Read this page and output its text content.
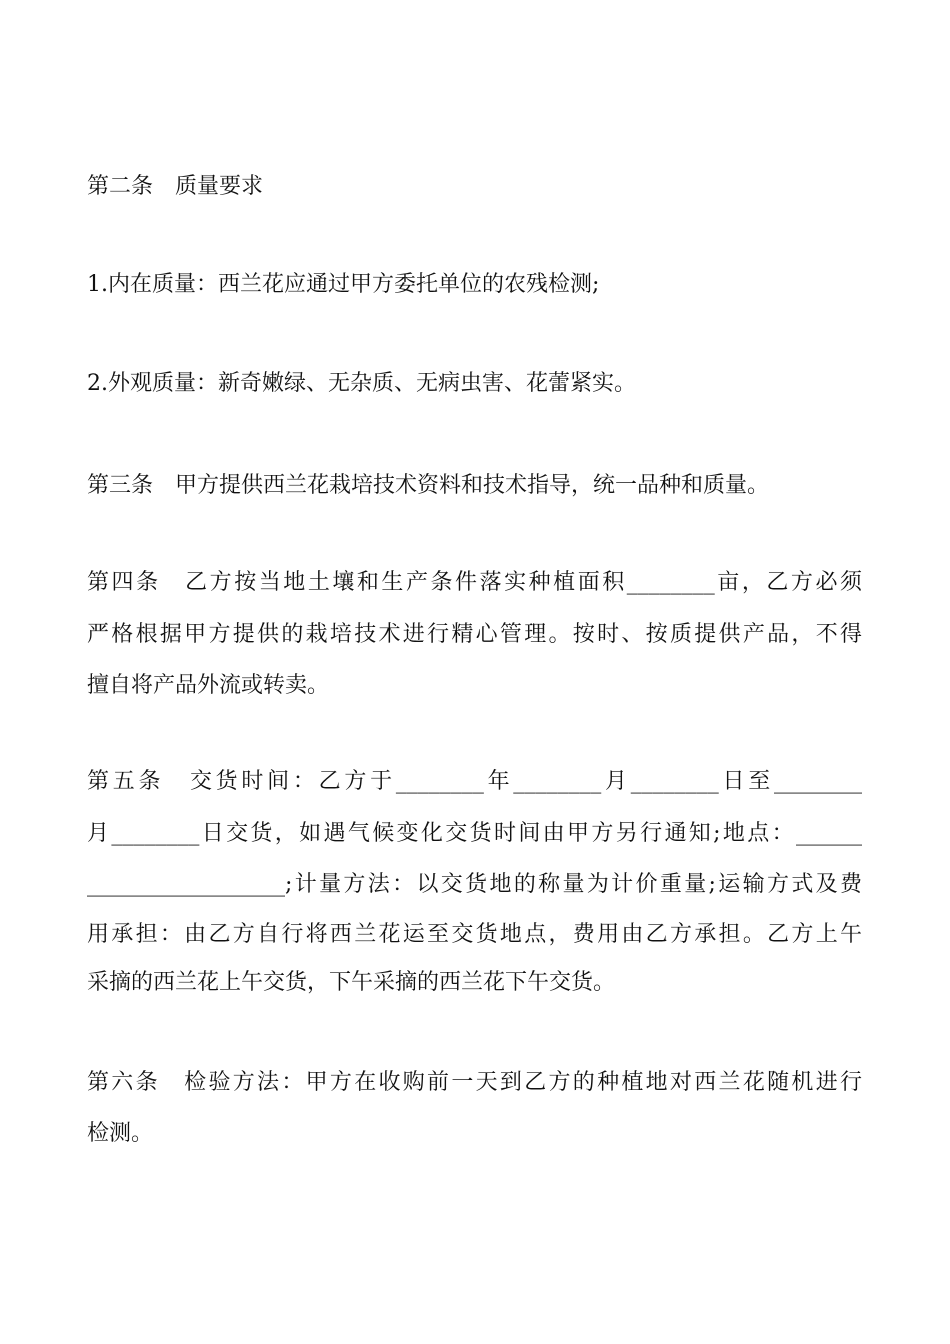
第二条　质量要求
1.内在质量：西兰花应通过甲方委托单位的农残检测;
2.外观质量：新奇嫩绿、无杂质、无病虫害、花蕾紧实。
第三条　甲方提供西兰花栽培技术资料和技术指导，统一品种和质量。
第四条　乙方按当地土壤和生产条件落实种植面积________亩，乙方必须
严格根据甲方提供的栽培技术进行精心管理。按时、按质提供产品，不得
擅自将产品外流或转卖。
第五条　交货时间：乙方于________年________月________日至________
月________日交货，如遇气候变化交货时间由甲方另行通知;地点：______
__________________;计量方法：以交货地的称量为计价重量;运输方式及费
用承担：由乙方自行将西兰花运至交货地点，费用由乙方承担。乙方上午
采摘的西兰花上午交货，下午采摘的西兰花下午交货。
第六条　检验方法：甲方在收购前一天到乙方的种植地对西兰花随机进行
检测。
